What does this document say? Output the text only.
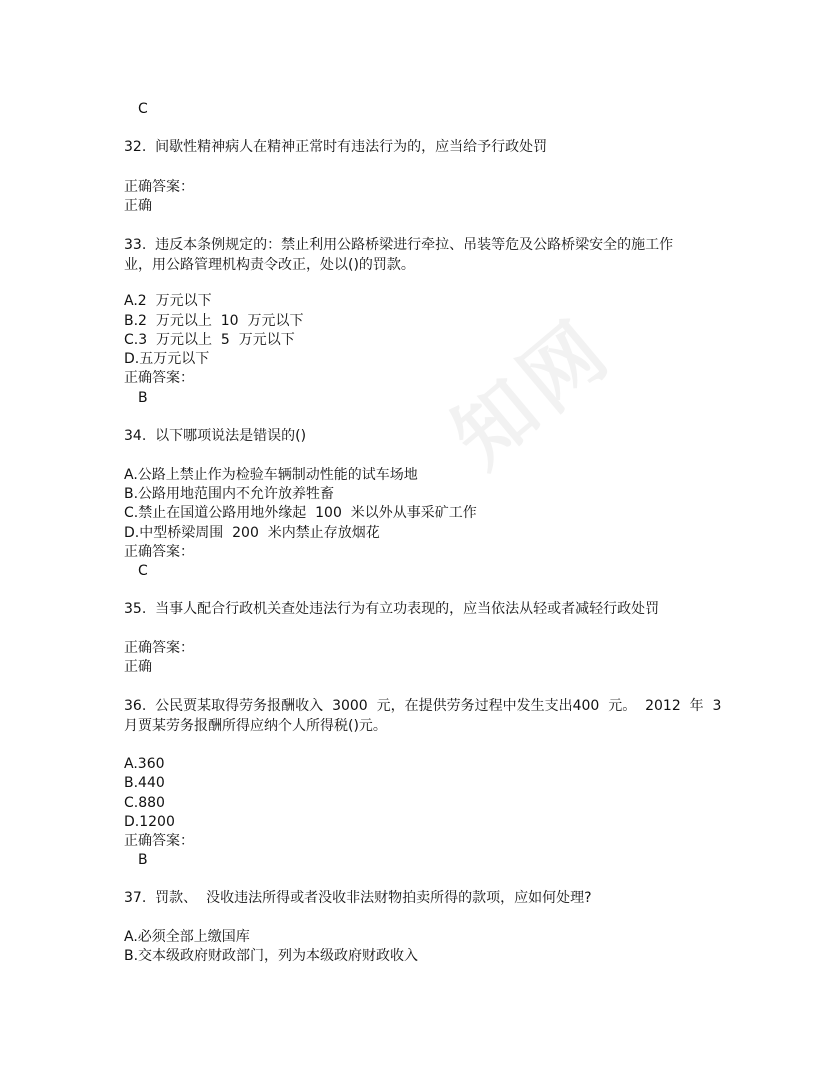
知网
C
32.  间歇性精神病人在精神正常时有违法行为的，应当给予行政处罚
正确答案：
正确
33.  违反本条例规定的：禁止利用公路桥梁进行牵拉、吊装等危及公路桥梁安全的施工作
业，用公路管理机构责令改正，处以()的罚款。
A.2  万元以下
B.2  万元以上  10  万元以下
C.3  万元以上  5  万元以下
D.五万元以下
正确答案：
B
34.  以下哪项说法是错误的()
A.公路上禁止作为检验车辆制动性能的试车场地
B.公路用地范围内不允许放养牲畜
C.禁止在国道公路用地外缘起  100  米以外从事采矿工作
D.中型桥梁周围  200  米内禁止存放烟花
正确答案：
C
35.  当事人配合行政机关查处违法行为有立功表现的，应当依法从轻或者减轻行政处罚
正确答案：
正确
36.  公民贾某取得劳务报酬收入  3000  元，在提供劳务过程中发生支出400  元。  2012  年  3
月贾某劳务报酬所得应纳个人所得税()元。
A.360
B.440
C.880
D.1200
正确答案：
B
37.  罚款、  没收违法所得或者没收非法财物拍卖所得的款项，应如何处理?
A.必须全部上缴国库
B.交本级政府财政部门，列为本级政府财政收入
